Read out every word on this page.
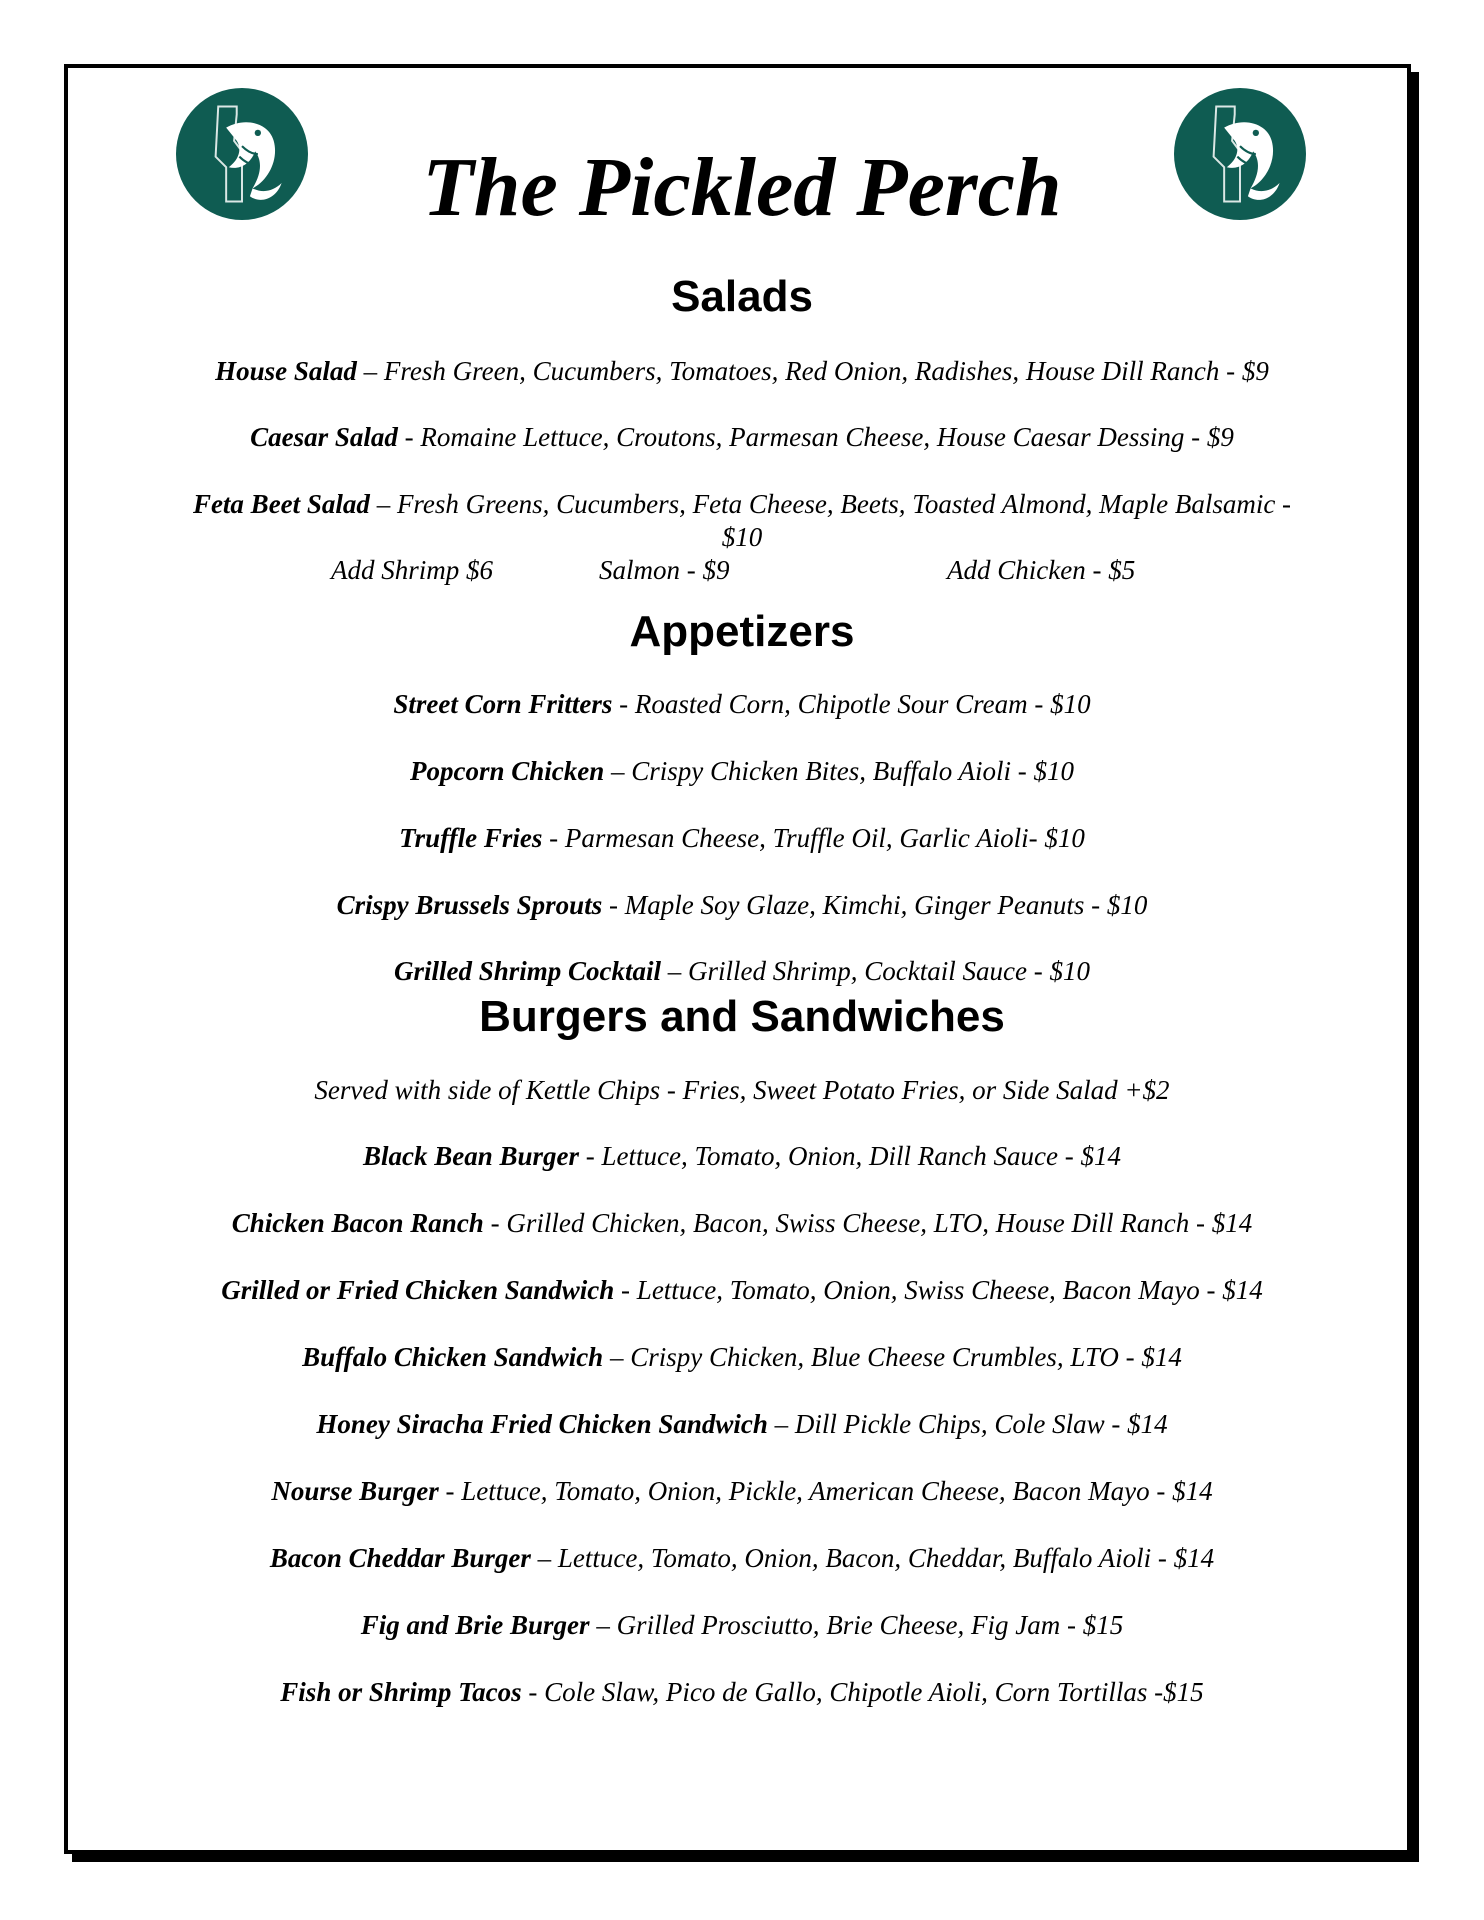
The Pickled Perch
Salads
House Salad – Fresh Green, Cucumbers, Tomatoes, Red Onion, Radishes, House Dill Ranch - $9
Caesar Salad - Romaine Lettuce, Croutons, Parmesan Cheese, House Caesar Dessing - $9
Feta Beet Salad – Fresh Greens, Cucumbers, Feta Cheese, Beets, Toasted Almond, Maple Balsamic - $10
Add Shrimp $6	Salmon - $9	Add Chicken - $5
Appetizers
Street Corn Fritters - Roasted Corn, Chipotle Sour Cream - $10
Popcorn Chicken – Crispy Chicken Bites, Buffalo Aioli - $10
Truffle Fries - Parmesan Cheese, Truffle Oil, Garlic Aioli- $10
Crispy Brussels Sprouts - Maple Soy Glaze, Kimchi, Ginger Peanuts - $10
Grilled Shrimp Cocktail – Grilled Shrimp, Cocktail Sauce - $10
Burgers and Sandwiches
Served with side of Kettle Chips - Fries, Sweet Potato Fries, or Side Salad +$2
Black Bean Burger - Lettuce, Tomato, Onion, Dill Ranch Sauce - $14
Chicken Bacon Ranch - Grilled Chicken, Bacon, Swiss Cheese, LTO, House Dill Ranch - $14
Grilled or Fried Chicken Sandwich - Lettuce, Tomato, Onion, Swiss Cheese, Bacon Mayo - $14
Buffalo Chicken Sandwich – Crispy Chicken, Blue Cheese Crumbles, LTO - $14
Honey Siracha Fried Chicken Sandwich – Dill Pickle Chips, Cole Slaw - $14
Nourse Burger - Lettuce, Tomato, Onion, Pickle, American Cheese, Bacon Mayo - $14
Bacon Cheddar Burger – Lettuce, Tomato, Onion, Bacon, Cheddar, Buffalo Aioli - $14
Fig and Brie Burger – Grilled Prosciutto, Brie Cheese, Fig Jam - $15
Fish or Shrimp Tacos - Cole Slaw, Pico de Gallo, Chipotle Aioli, Corn Tortillas -$15
